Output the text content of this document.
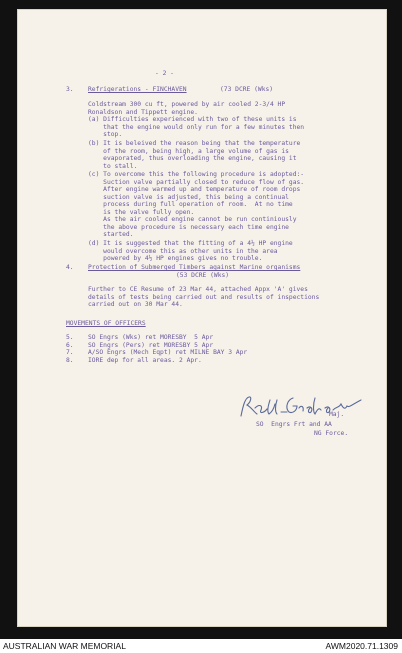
- 2 -
3. Refrigerations - FINCHAVEN	(73 DCRE (Wks)
Coldstream 300 cu ft, powered by air cooled 2-3/4 HP
Ronaldson and Tippett engine.
(a) Difficulties experienced with two of these units is
that the engine would only run for a few minutes then
stop.
(b) It is beleived the reason being that the temperature
of the room, being high, a large volume of gas is
evaporated, thus overloading the engine, causing it
to stall.
(c) To overcome this the following procedure is adopted:-
Suction valve partially closed to reduce flow of gas.
After engine warmed up and temperature of room drops
suction valve is adjusted, this being a continual
process during full operation of room.  At no time
is the valve fully open.
As the air cooled engine cannot be run continiously
the above procedure is necessary each time engine
started.
(d) It is suggested that the fitting of a 4½ HP engine
would overcome this as other units in the area
powered by 4½ HP engines gives no trouble.
4. Protection of Submerged Timbers against Marine organisms
(53 DCRE (Wks)
Further to CE Resume of 23 Mar 44, attached Appx 'A' gives
details of tests being carried out and results of inspections
carried out on 30 Mar 44.
MOVEMENTS OF OFFICERS
5. SO Engrs (Wks) ret MORESBY  5 Apr
6. SO Engrs (Pers) ret MORESBY 5 Apr
7. A/SO Engrs (Mech Eqpt) ret MILNE BAY 3 Apr
8. IORE dep for all areas. 2 Apr.
Maj.
SO  Engrs Frt and AA
NG Force.
AUSTRALIAN WAR MEMORIAL	AWM2020.71.1309
